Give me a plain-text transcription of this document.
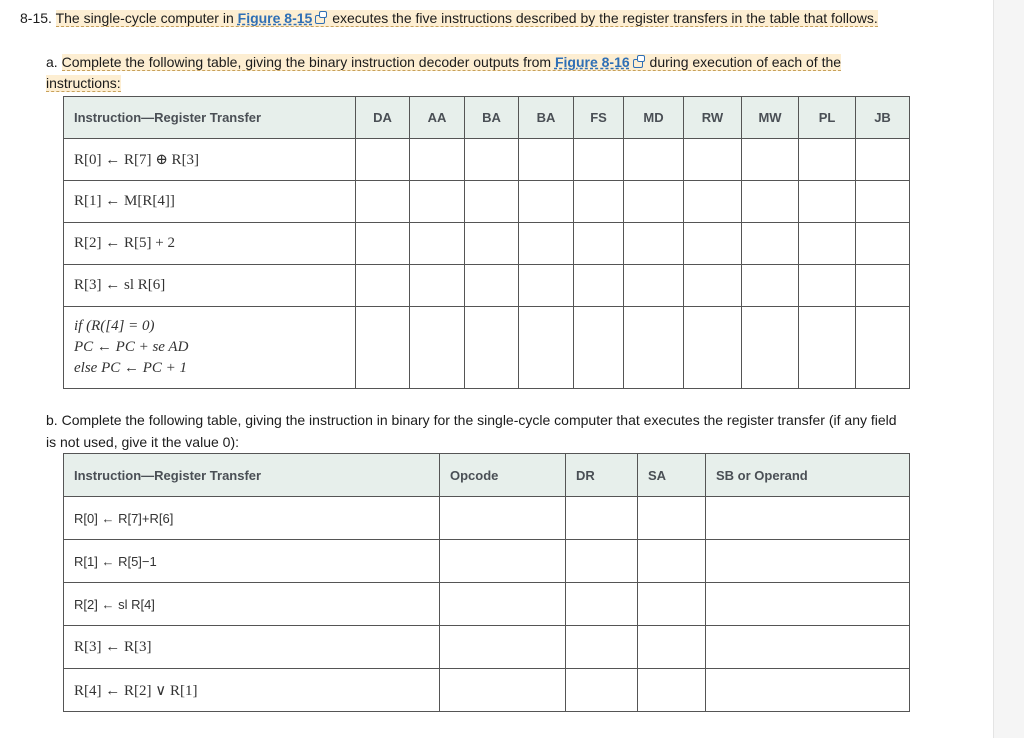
8-15. The single-cycle computer in Figure 8-15 executes the five instructions described by the register transfers in the table that follows.

a. Complete the following table, giving the binary instruction decoder outputs from Figure 8-16 during execution of each of the instructions:

Instruction—Register Transfer	DA	AA	BA	BA	FS	MD	RW	MW	PL	JB
R[0] ← R[7] ⊕ R[3]										
R[1] ← M[R[4]]										
R[2] ← R[5] + 2										
R[3] ← sl R[6]										

if (R([4] = 0)
PC ← PC + se AD
else PC ← PC + 1										

b. Complete the following table, giving the instruction in binary for the single-cycle computer that executes the register transfer (if any field is not used, give it the value 0):

Instruction—Register Transfer	Opcode	DR	SA	SB or Operand
R[0] ← R[7]+R[6]				
R[1] ← R[5]−1				
R[2] ← sl R[4]				
R[3] ← R[3]				
R[4] ← R[2] ∨ R[1]				
